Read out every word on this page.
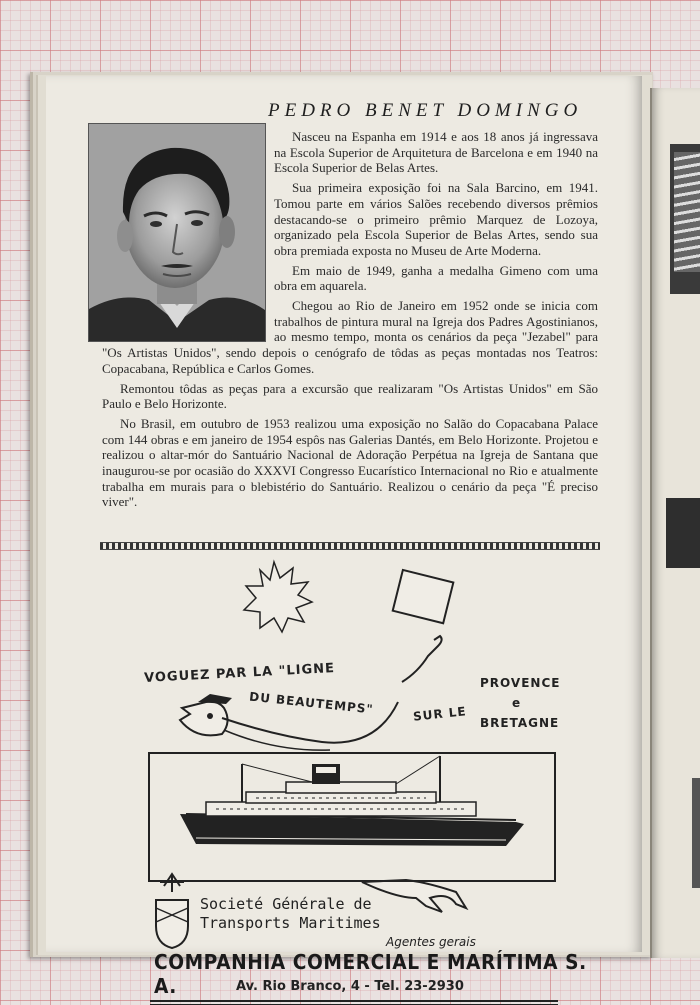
PEDRO BENET DOMINGO

Nasceu na Espanha em 1914 e aos 18 anos já ingressava na Escola Superior de Arquitetura de Barcelona e em 1940 na Escola Superior de Belas Artes.

Sua primeira exposição foi na Sala Barcino, em 1941. Tomou parte em vários Salões recebendo diversos prêmios destacando-se o primeiro prêmio Marquez de Lozoya, organizado pela Escola Superior de Belas Artes, sendo sua obra premiada exposta no Museu de Arte Moderna.

Em maio de 1949, ganha a medalha Gimeno com uma obra em aquarela.

Chegou ao Rio de Janeiro em 1952 onde se inicia com trabalhos de pintura mural na Igreja dos Padres Agostinianos, ao mesmo tempo, monta os cenários da peça "Jezabel" para "Os Artistas Unidos", sendo depois o cenógrafo de tôdas as peças montadas nos Teatros: Copacabana, República e Carlos Gomes.

Remontou tôdas as peças para a excursão que realizaram "Os Artistas Unidos" em São Paulo e Belo Horizonte.

No Brasil, em outubro de 1953 realizou uma exposição no Salão do Copacabana Palace com 144 obras e em janeiro de 1954 espôs nas Galerias Dantés, em Belo Horizonte. Projetou e realizou o altar-mór do Santuário Nacional de Adoração Perpétua na Igreja de Santana que inaugurou-se por ocasião do XXXVI Congresso Eucarístico Internacional no Rio e atualmente trabalha em murais para o blebistério do Santuário. Realizou o cenário da peça "É preciso viver".

VOGUEZ PAR LA "LIGNE
DU BEAUTEMPS"	SUR LE
PROVENCE
e
BRETAGNE
Societé Générale de
Transports Maritimes
Agentes gerais
COMPANHIA COMERCIAL E MARÍTIMA S. A.	Av. Rio Branco, 4 - Tel. 23-2930
